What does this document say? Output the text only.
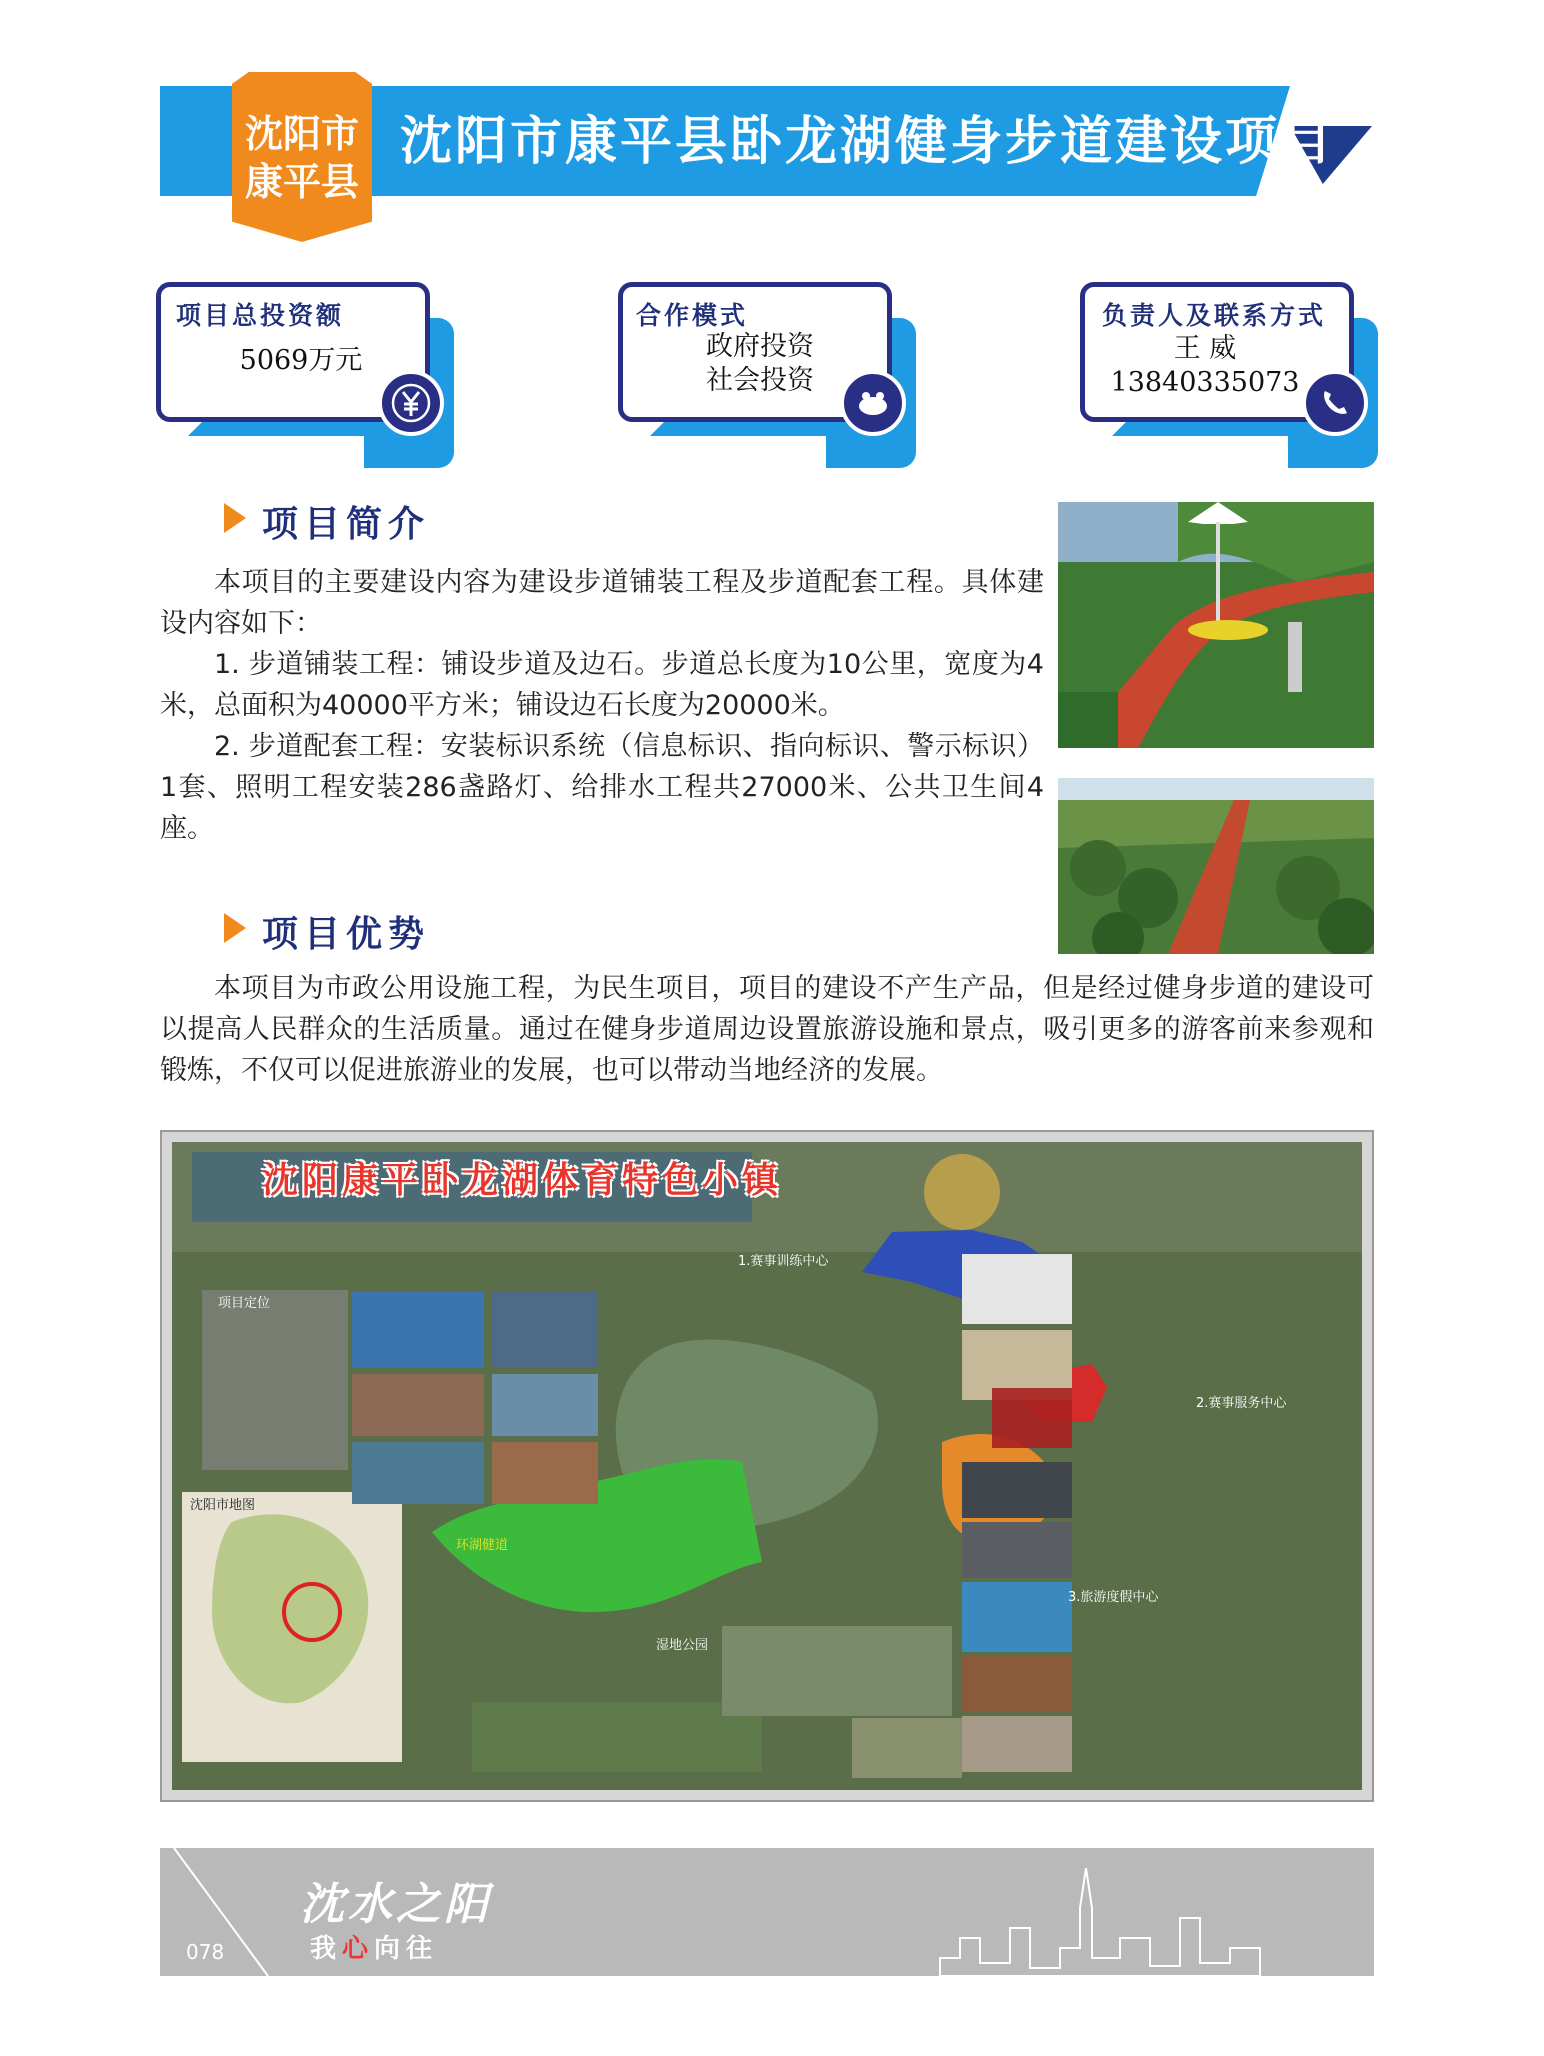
沈阳市康平县卧龙湖健身步道建设项目
沈阳市
康平县
项目总投资额
5069万元
合作模式
政府投资
社会投资
负责人及联系方式
王 威
13840335073
项目简介

本项目的主要建设内容为建设步道铺装工程及步道配套工程。具体建设内容如下：

1. 步道铺装工程：铺设步道及边石。步道总长度为10公里，宽度为4米，总面积为40000平方米；铺设边石长度为20000米。

2. 步道配套工程：安装标识系统（信息标识、指向标识、警示标识）1套、照明工程安装286盏路灯、给排水工程共27000米、公共卫生间4座。

项目优势

本项目为市政公用设施工程，为民生项目，项目的建设不产生产品，但是经过健身步道的建设可以提高人民群众的生活质量。通过在健身步道周边设置旅游设施和景点，吸引更多的游客前来参观和锻炼，不仅可以促进旅游业的发展，也可以带动当地经济的发展。

沈阳康平卧龙湖体育特色小镇
项目定位
沈阳市地图
1.赛事训练中心
2.赛事服务中心
3.旅游度假中心
环湖健道
湿地公园
078
沈水之阳
我心向往
